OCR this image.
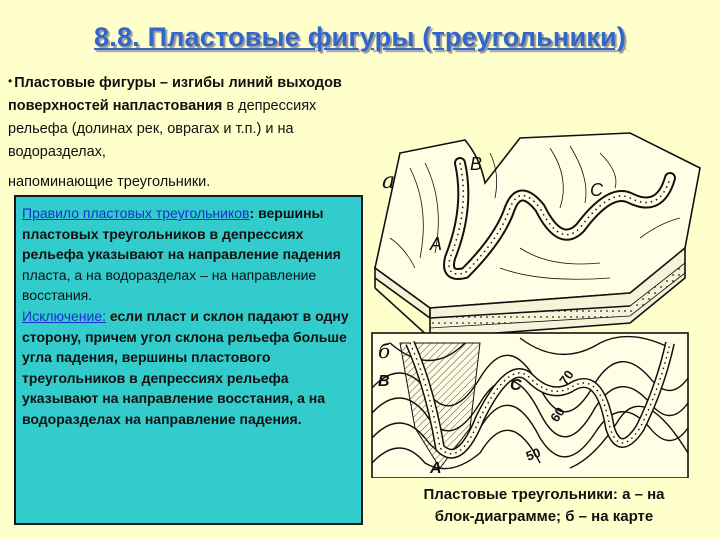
8.8. Пластовые фигуры (треугольники)
• Пластовые фигуры – изгибы линий выходов поверхностей напластования в депрессиях рельефа (долинах рек, оврагах и т.п.) и на водоразделах,
напоминающие треугольники.
Правило пластовых треугольников: вершины пластовых треугольников в депрессиях рельефа указывают на направление падения пласта, а на водоразделах – на направление восстания.
Исключение: если пласт и склон падают в одну сторону, причем угол склона рельефа больше угла падения, вершины пластового треугольников в депрессиях рельефа указывают на направление восстания, а на водоразделах на направление падения.
а
А
В
С
б
В
А
С	70
60
50
Пластовые треугольники: а – на
блок-диаграмме; б – на карте
